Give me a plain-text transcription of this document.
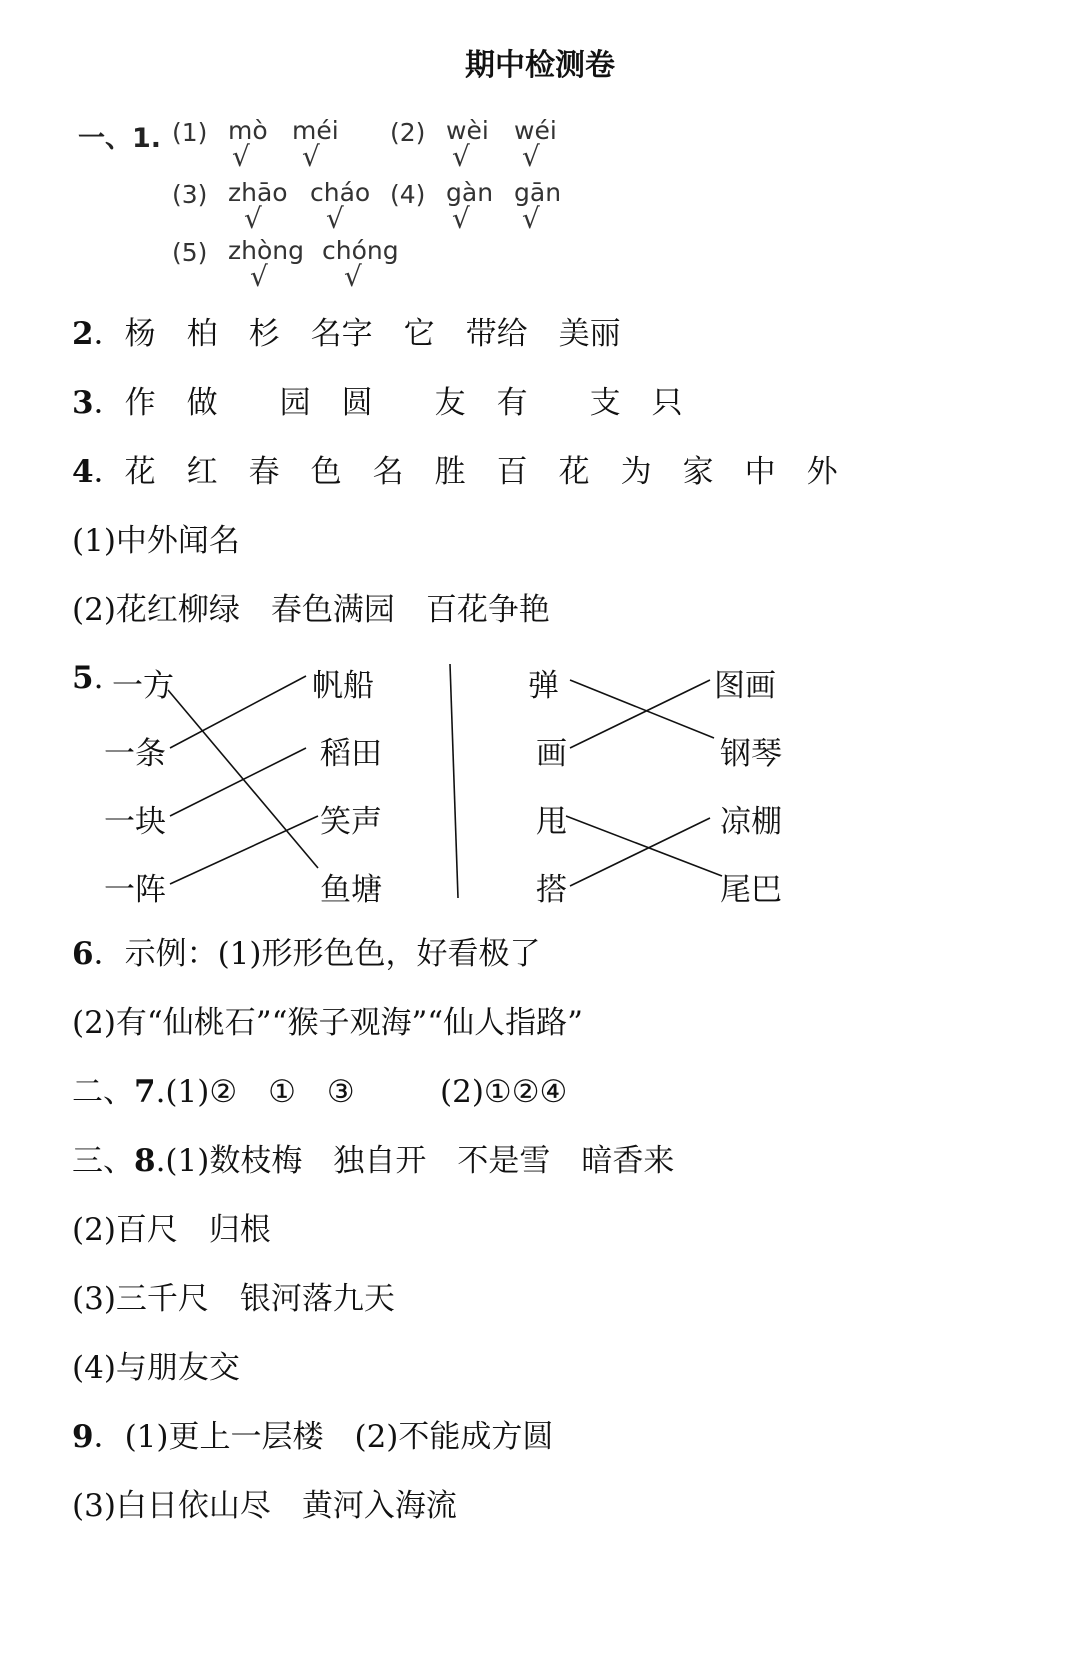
期中检测卷
一、1. (1) mò méi
√ √
(2) wèi wéi
√ √
(3) zhāo cháo
√ √
(4) gàn gān
√ √
(5) zhòng chóng
√	√
2．杨　柏　杉　名字　它　带给　美丽
3．作　做　　园　圆　　友　有　　支　只
4．花　红　春　色　名　胜　百　花　为　家　中　外
(1)中外闻名
(2)花红柳绿　春色满园　百花争艳
5. 一方
一条
一块
一阵
帆船
稻田
笑声
鱼塘
弹
画
甩
搭
图画
钢琴
凉棚
尾巴
6．示例：(1)形形色色，好看极了
(2)有“仙桃石”“猴子观海”“仙人指路”
二、7.(1)②　①　③	(2)①②④
三、8.(1)数枝梅　独自开　不是雪　暗香来
(2)百尺　归根
(3)三千尺　银河落九天
(4)与朋友交
9．(1)更上一层楼　(2)不能成方圆
(3)白日依山尽　黄河入海流
